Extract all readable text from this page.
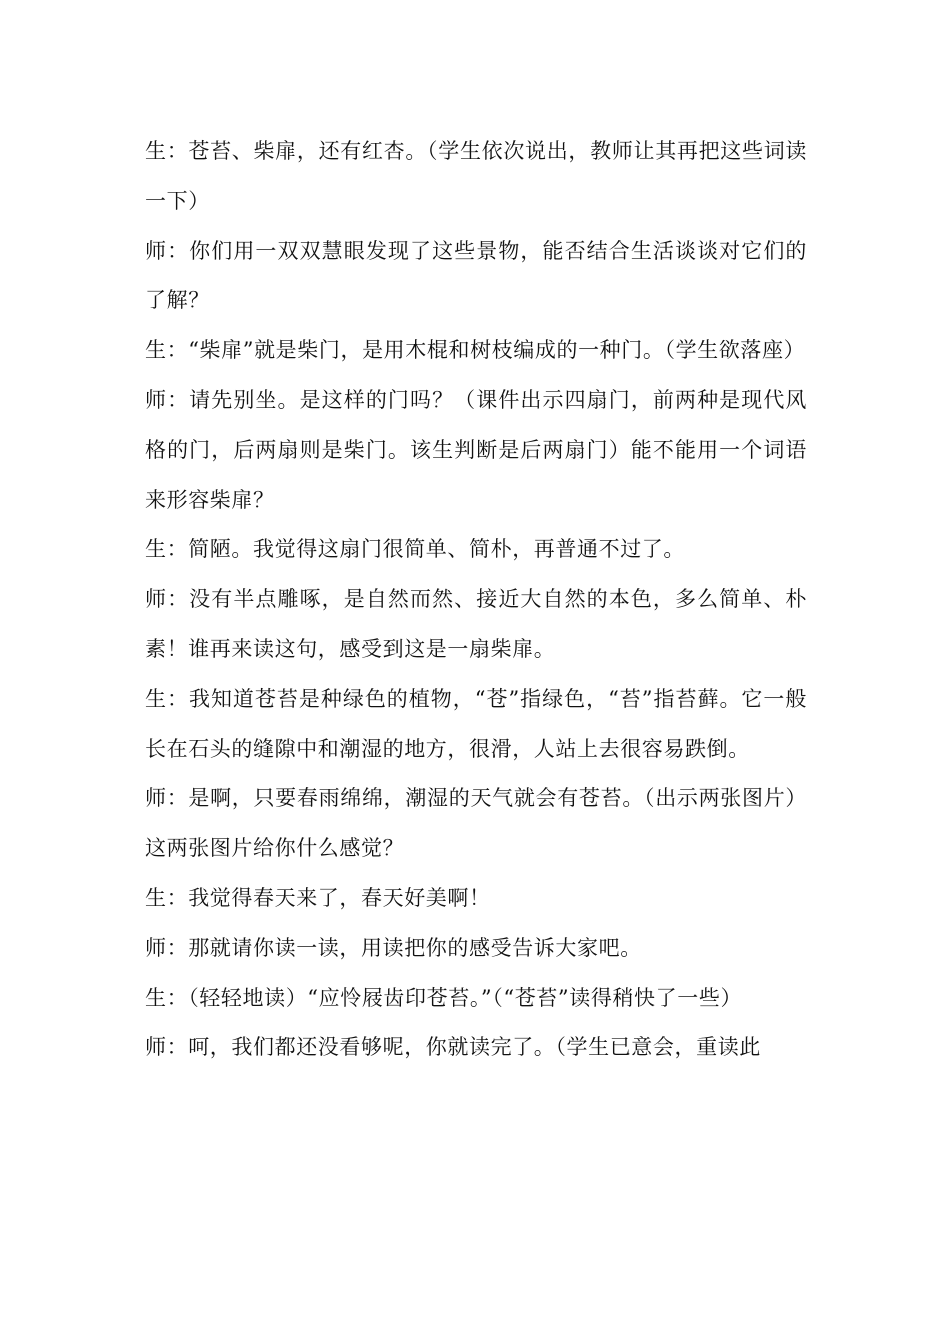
生：苍苔、柴扉，还有红杏。（学生依次说出，教师让其再把这些词读一下）

师：你们用一双双慧眼发现了这些景物，能否结合生活谈谈对它们的了解？

生：“柴扉”就是柴门，是用木棍和树枝编成的一种门。（学生欲落座）

师：请先别坐。是这样的门吗？（课件出示四扇门，前两种是现代风格的门，后两扇则是柴门。该生判断是后两扇门）能不能用一个词语来形容柴扉？

生：简陋。我觉得这扇门很简单、简朴，再普通不过了。

师：没有半点雕啄，是自然而然、接近大自然的本色，多么简单、朴素！谁再来读这句，感受到这是一扇柴扉。

生：我知道苍苔是种绿色的植物，“苍”指绿色，“苔”指苔藓。它一般长在石头的缝隙中和潮湿的地方，很滑，人站上去很容易跌倒。

师：是啊，只要春雨绵绵，潮湿的天气就会有苍苔。（出示两张图片）这两张图片给你什么感觉？

生：我觉得春天来了，春天好美啊！

师：那就请你读一读，用读把你的感受告诉大家吧。

生：（轻轻地读）“应怜屐齿印苍苔。”（“苍苔”读得稍快了一些）

师：呵，我们都还没看够呢，你就读完了。（学生已意会，重读此
